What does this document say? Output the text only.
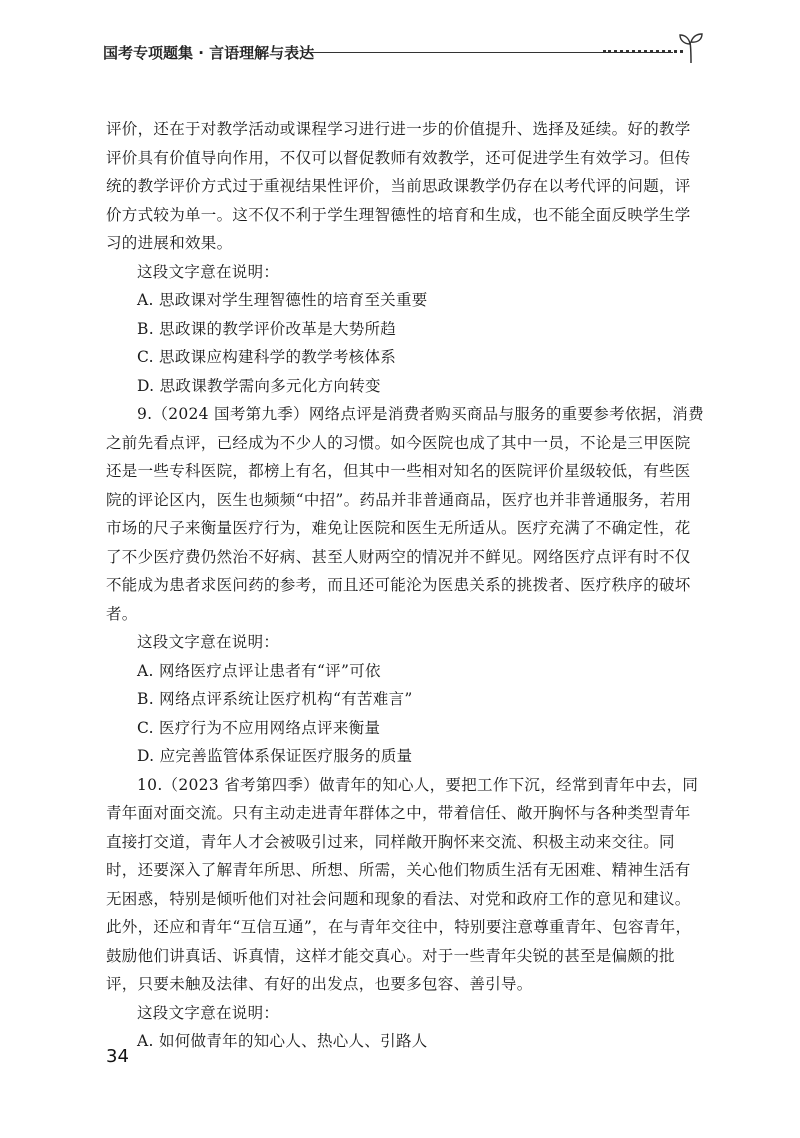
国考专项题集 · 言语理解与表达

评价，还在于对教学活动或课程学习进行进一步的价值提升、选择及延续。好的教学评价具有价值导向作用，不仅可以督促教师有效教学，还可促进学生有效学习。但传统的教学评价方式过于重视结果性评价，当前思政课教学仍存在以考代评的问题，评价方式较为单一。这不仅不利于学生理智德性的培育和生成，也不能全面反映学生学习的进展和效果。

这段文字意在说明：

A. 思政课对学生理智德性的培育至关重要

B. 思政课的教学评价改革是大势所趋

C. 思政课应构建科学的教学考核体系

D. 思政课教学需向多元化方向转变

9.（2024 国考第九季）网络点评是消费者购买商品与服务的重要参考依据，消费之前先看点评，已经成为不少人的习惯。如今医院也成了其中一员，不论是三甲医院还是一些专科医院，都榜上有名，但其中一些相对知名的医院评价星级较低，有些医院的评论区内，医生也频频“中招”。药品并非普通商品，医疗也并非普通服务，若用市场的尺子来衡量医疗行为，难免让医院和医生无所适从。医疗充满了不确定性，花了不少医疗费仍然治不好病、甚至人财两空的情况并不鲜见。网络医疗点评有时不仅不能成为患者求医问药的参考，而且还可能沦为医患关系的挑拨者、医疗秩序的破坏者。

这段文字意在说明：

A. 网络医疗点评让患者有“评”可依

B. 网络点评系统让医疗机构“有苦难言”

C. 医疗行为不应用网络点评来衡量

D. 应完善监管体系保证医疗服务的质量

10.（2023 省考第四季）做青年的知心人，要把工作下沉，经常到青年中去，同青年面对面交流。只有主动走进青年群体之中，带着信任、敞开胸怀与各种类型青年直接打交道，青年人才会被吸引过来，同样敞开胸怀来交流、积极主动来交往。同时，还要深入了解青年所思、所想、所需，关心他们物质生活有无困难、精神生活有无困惑，特别是倾听他们对社会问题和现象的看法、对党和政府工作的意见和建议。此外，还应和青年“互信互通”，在与青年交往中，特别要注意尊重青年、包容青年，鼓励他们讲真话、诉真情，这样才能交真心。对于一些青年尖锐的甚至是偏颇的批评，只要未触及法律、有好的出发点，也要多包容、善引导。

这段文字意在说明：

A. 如何做青年的知心人、热心人、引路人

34
